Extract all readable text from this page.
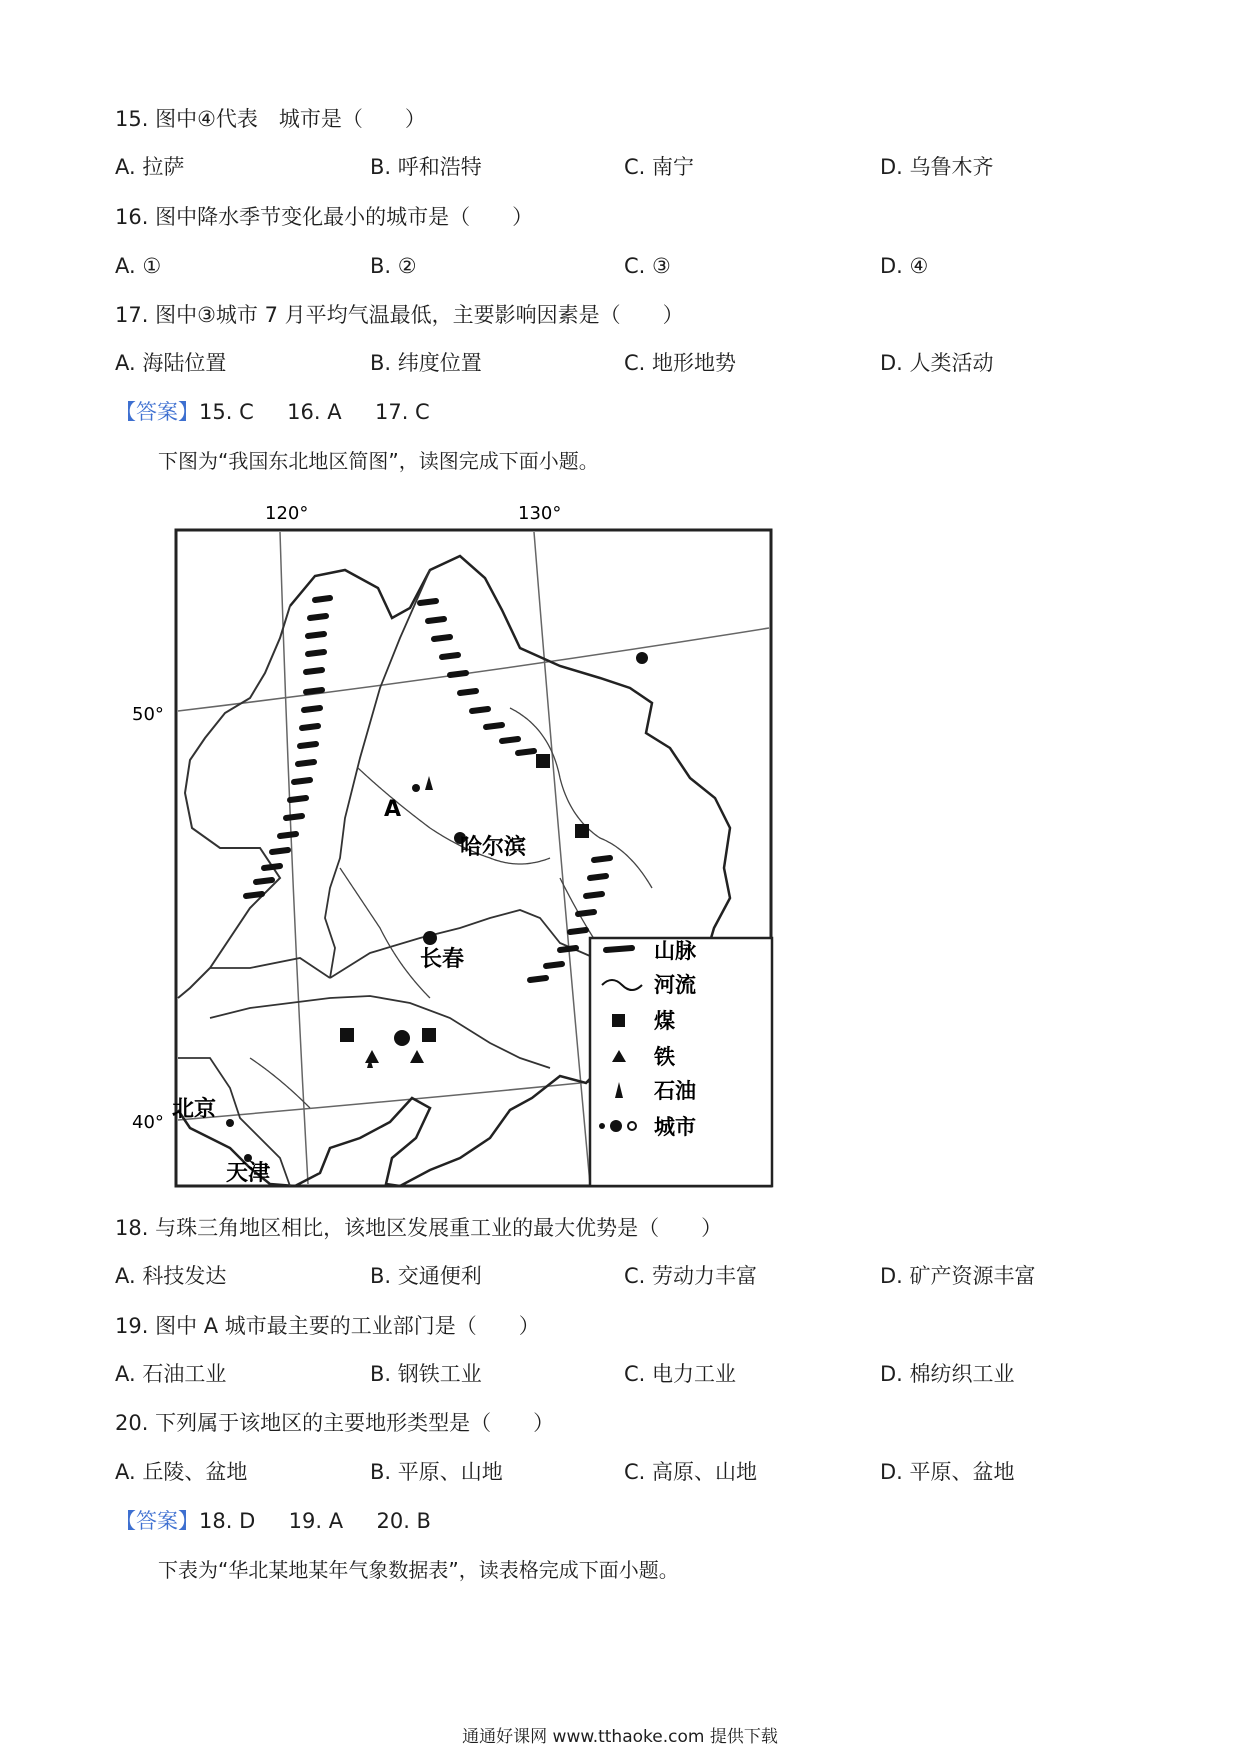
15. 图中④代表　城市是（　　）
A. 拉萨	B. 呼和浩特	C. 南宁	D. 乌鲁木齐
16. 图中降水季节变化最小的城市是（　　）
A. ①	B. ②	C. ③	D. ④
17. 图中③城市 7 月平均气温最低，主要影响因素是（　　）
A. 海陆位置	B. 纬度位置	C. 地形地势	D. 人类活动
【答案】15. C 16. A 17. C
下图为“我国东北地区简图”，读图完成下面小题。
120°	130°
50°
40°
A
哈尔滨
长春
北京
天津
山脉
河流
煤
铁
石油
城市
18. 与珠三角地区相比，该地区发展重工业的最大优势是（　　）
A. 科技发达	B. 交通便利	C. 劳动力丰富	D. 矿产资源丰富
19. 图中 A 城市最主要的工业部门是（　　）
A. 石油工业	B. 钢铁工业	C. 电力工业	D. 棉纺织工业
20. 下列属于该地区的主要地形类型是（　　）
A. 丘陵、盆地	B. 平原、山地	C. 高原、山地	D. 平原、盆地
【答案】18. D 19. A 20. B
下表为“华北某地某年气象数据表”，读表格完成下面小题。
通通好课网 www.tthaoke.com 提供下载
